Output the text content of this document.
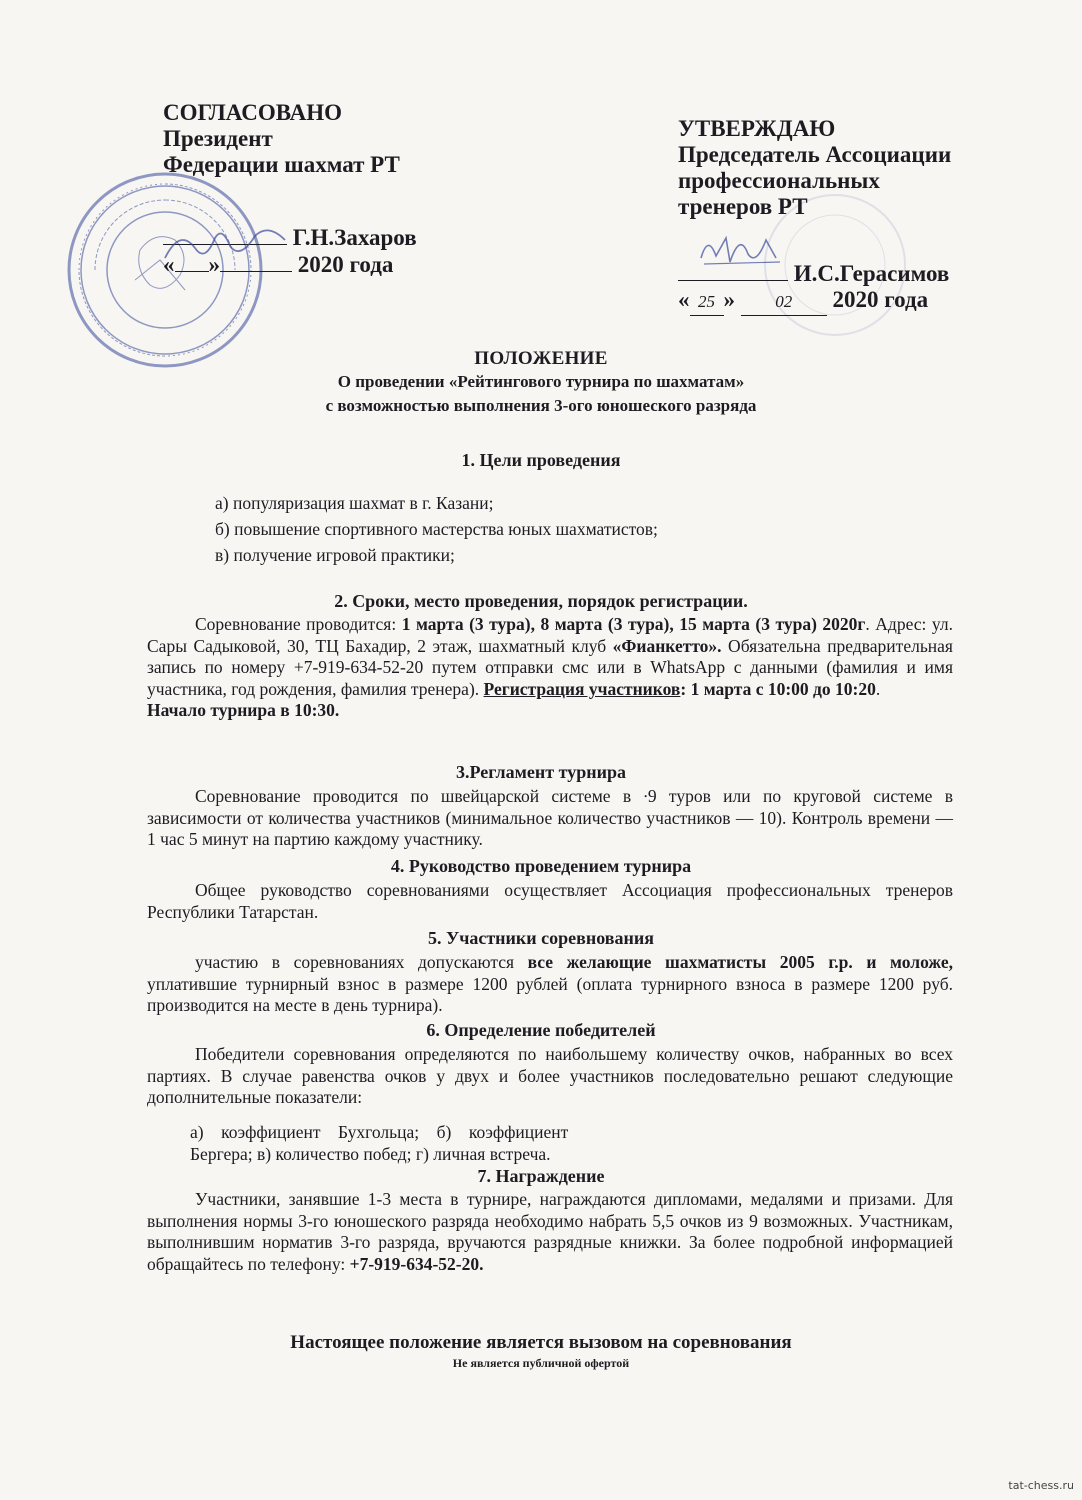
СОГЛАСОВАНО
Президент
Федерации шахмат РТ
Г.Н.Захаров
« »	2020 года
УТВЕРЖДАЮ
Председатель Ассоциации
профессиональных
тренеров РТ
И.С.Герасимов
« 25 » 02 2020 года
ПОЛОЖЕНИЕ
О проведении «Рейтингового турнира по шахматам»
с возможностью выполнения 3-ого юношеского разряда
1. Цели проведения
а) популяризация шахмат в г. Казани;
б) повышение спортивного мастерства юных шахматистов;
в) получение игровой практики;
2. Сроки, место проведения, порядок регистрации.
Соревнование проводится: 1 марта (3 тура), 8 марта (3 тура), 15 марта (3 тура) 2020г. Адрес: ул. Сары Садыковой, 30, ТЦ Бахадир, 2 этаж, шахматный клуб «Фианкетто». Обязательна предварительная запись по номеру +7-919-634-52-20 путем отправки смс или в WhatsApp с данными (фамилия и имя участника, год рождения, фамилия тренера). Регистрация участников: 1 марта с 10:00 до 10:20.
Начало турнира в 10:30.
3.Регламент турнира
Соревнование проводится по швейцарской системе в ∙9 туров или по круговой системе в зависимости от количества участников (минимальное количество участников — 10). Контроль времени — 1 час 5 минут на партию каждому участнику.
4. Руководство проведением турнира
Общее руководство соревнованиями осуществляет Ассоциация профессиональных тренеров Республики Татарстан.
5. Участники соревнования
участию в соревнованиях допускаются все желающие шахматисты 2005 г.р. и моложе, уплатившие турнирный взнос в размере 1200 рублей (оплата турнирного взноса в размере 1200 руб. производится на месте в день турнира).
6. Определение победителей
Победители соревнования определяются по наибольшему количеству очков, набранных во всех партиях. В случае равенства очков у двух и более участников последовательно решают следующие дополнительные показатели:
а)    коэффициент    Бухгольца;    б)    коэффициент
Бергера; в) количество побед; г) личная встреча.
7. Награждение
Участники, занявшие 1-3 места в турнире, награждаются дипломами, медалями и призами. Для выполнения нормы 3-го юношеского разряда необходимо набрать 5,5 очков из 9 возможных. Участникам, выполнившим норматив 3-го разряда, вручаются разрядные книжки. За более подробной информацией обращайтесь по телефону: +7-919-634-52-20.
Настоящее положение является вызовом на соревнования
Не является публичной офертой
tat-chess.ru
